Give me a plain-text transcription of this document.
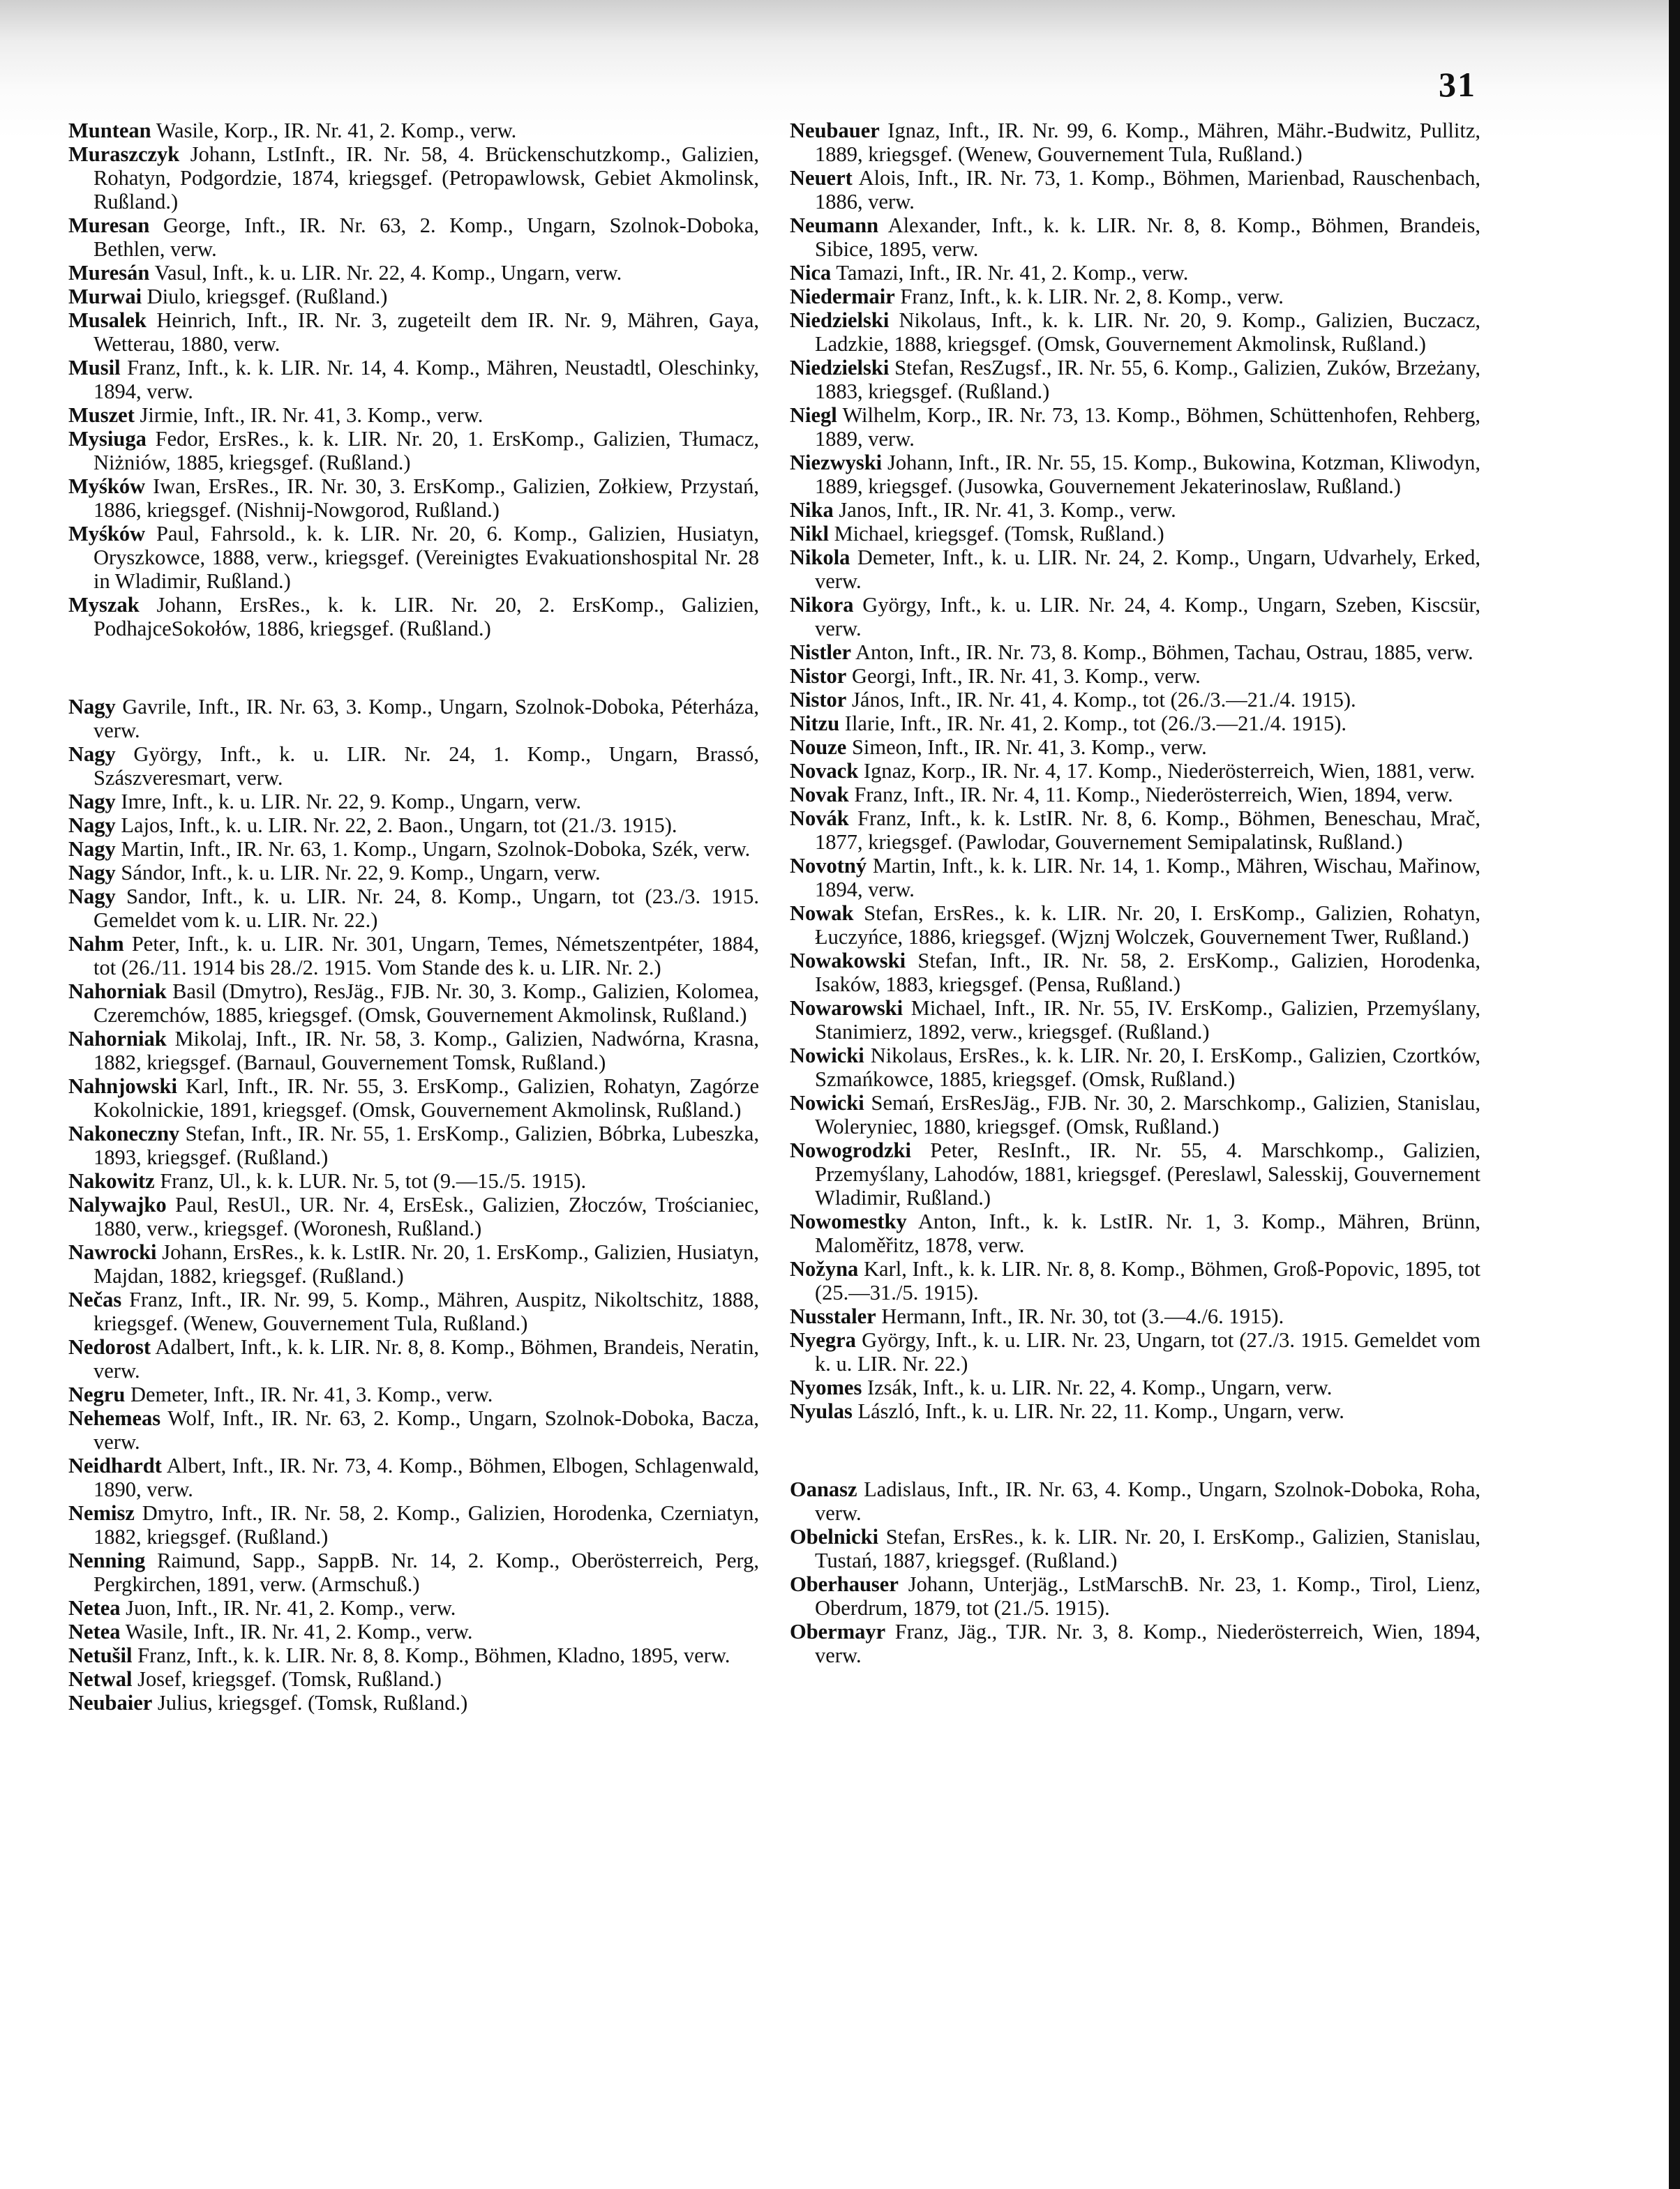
31
Muntean Wasile, Korp., IR. Nr. 41, 2. Komp., verw.
Muraszczyk Johann, LstInft., IR. Nr. 58, 4. Brückenschutzkomp., Galizien, Rohatyn, Podgordzie, 1874, kriegsgef. (Petropawlowsk, Gebiet Akmolinsk, Rußland.)
Muresan George, Inft., IR. Nr. 63, 2. Komp., Ungarn, Szolnok-Doboka, Bethlen, verw.
Muresán Vasul, Inft., k. u. LIR. Nr. 22, 4. Komp., Ungarn, verw.
Murwai Diulo, kriegsgef. (Rußland.)
Musalek Heinrich, Inft., IR. Nr. 3, zugeteilt dem IR. Nr. 9, Mähren, Gaya, Wetterau, 1880, verw.
Musil Franz, Inft., k. k. LIR. Nr. 14, 4. Komp., Mähren, Neustadtl, Oleschinky, 1894, verw.
Muszet Jirmie, Inft., IR. Nr. 41, 3. Komp., verw.
Mysiuga Fedor, ErsRes., k. k. LIR. Nr. 20, 1. ErsKomp., Galizien, Tłumacz, Niżniów, 1885, kriegsgef. (Rußland.)
Myśków Iwan, ErsRes., IR. Nr. 30, 3. ErsKomp., Galizien, Zołkiew, Przystań, 1886, kriegsgef. (Nishnij-Nowgorod, Rußland.)
Myśków Paul, Fahrsold., k. k. LIR. Nr. 20, 6. Komp., Galizien, Husiatyn, Oryszkowce, 1888, verw., kriegsgef. (Vereinigtes Evakuationshospital Nr. 28 in Wladimir, Rußland.)
Myszak Johann, ErsRes., k. k. LIR. Nr. 20, 2. ErsKomp., Galizien, PodhajceSokołów, 1886, kriegsgef. (Rußland.)
Nagy Gavrile, Inft., IR. Nr. 63, 3. Komp., Ungarn, Szolnok-Doboka, Péterháza, verw.
Nagy György, Inft., k. u. LIR. Nr. 24, 1. Komp., Ungarn, Brassó, Szászveresmart, verw.
Nagy Imre, Inft., k. u. LIR. Nr. 22, 9. Komp., Ungarn, verw.
Nagy Lajos, Inft., k. u. LIR. Nr. 22, 2. Baon., Ungarn, tot (21./3. 1915).
Nagy Martin, Inft., IR. Nr. 63, 1. Komp., Ungarn, Szolnok-Doboka, Szék, verw.
Nagy Sándor, Inft., k. u. LIR. Nr. 22, 9. Komp., Ungarn, verw.
Nagy Sandor, Inft., k. u. LIR. Nr. 24, 8. Komp., Ungarn, tot (23./3. 1915. Gemeldet vom k. u. LIR. Nr. 22.)
Nahm Peter, Inft., k. u. LIR. Nr. 301, Ungarn, Temes, Németszentpéter, 1884, tot (26./11. 1914 bis 28./2. 1915. Vom Stande des k. u. LIR. Nr. 2.)
Nahorniak Basil (Dmytro), ResJäg., FJB. Nr. 30, 3. Komp., Galizien, Kolomea, Czeremchów, 1885, kriegsgef. (Omsk, Gouvernement Akmolinsk, Rußland.)
Nahorniak Mikolaj, Inft., IR. Nr. 58, 3. Komp., Galizien, Nadwórna, Krasna, 1882, kriegsgef. (Barnaul, Gouvernement Tomsk, Rußland.)
Nahnjowski Karl, Inft., IR. Nr. 55, 3. ErsKomp., Galizien, Rohatyn, Zagórze Kokolnickie, 1891, kriegsgef. (Omsk, Gouvernement Akmolinsk, Rußland.)
Nakoneczny Stefan, Inft., IR. Nr. 55, 1. ErsKomp., Galizien, Bóbrka, Lubeszka, 1893, kriegsgef. (Rußland.)
Nakowitz Franz, Ul., k. k. LUR. Nr. 5, tot (9.—15./5. 1915).
Nalywajko Paul, ResUl., UR. Nr. 4, ErsEsk., Galizien, Złoczów, Trościaniec, 1880, verw., kriegsgef. (Woronesh, Rußland.)
Nawrocki Johann, ErsRes., k. k. LstIR. Nr. 20, 1. ErsKomp., Galizien, Husiatyn, Majdan, 1882, kriegsgef. (Rußland.)
Nečas Franz, Inft., IR. Nr. 99, 5. Komp., Mähren, Auspitz, Nikoltschitz, 1888, kriegsgef. (Wenew, Gouvernement Tula, Rußland.)
Nedorost Adalbert, Inft., k. k. LIR. Nr. 8, 8. Komp., Böhmen, Brandeis, Neratin, verw.
Negru Demeter, Inft., IR. Nr. 41, 3. Komp., verw.
Nehemeas Wolf, Inft., IR. Nr. 63, 2. Komp., Ungarn, Szolnok-Doboka, Bacza, verw.
Neidhardt Albert, Inft., IR. Nr. 73, 4. Komp., Böhmen, Elbogen, Schlagenwald, 1890, verw.
Nemisz Dmytro, Inft., IR. Nr. 58, 2. Komp., Galizien, Horodenka, Czerniatyn, 1882, kriegsgef. (Rußland.)
Nenning Raimund, Sapp., SappB. Nr. 14, 2. Komp., Oberösterreich, Perg, Pergkirchen, 1891, verw. (Armschuß.)
Netea Juon, Inft., IR. Nr. 41, 2. Komp., verw.
Netea Wasile, Inft., IR. Nr. 41, 2. Komp., verw.
Netušil Franz, Inft., k. k. LIR. Nr. 8, 8. Komp., Böhmen, Kladno, 1895, verw.
Netwal Josef, kriegsgef. (Tomsk, Rußland.)
Neubaier Julius, kriegsgef. (Tomsk, Rußland.)
Neubauer Ignaz, Inft., IR. Nr. 99, 6. Komp., Mähren, Mähr.-Budwitz, Pullitz, 1889, kriegsgef. (Wenew, Gouvernement Tula, Rußland.)
Neuert Alois, Inft., IR. Nr. 73, 1. Komp., Böhmen, Marienbad, Rauschenbach, 1886, verw.
Neumann Alexander, Inft., k. k. LIR. Nr. 8, 8. Komp., Böhmen, Brandeis, Sibice, 1895, verw.
Nica Tamazi, Inft., IR. Nr. 41, 2. Komp., verw.
Niedermair Franz, Inft., k. k. LIR. Nr. 2, 8. Komp., verw.
Niedzielski Nikolaus, Inft., k. k. LIR. Nr. 20, 9. Komp., Galizien, Buczacz, Ladzkie, 1888, kriegsgef. (Omsk, Gouvernement Akmolinsk, Rußland.)
Niedzielski Stefan, ResZugsf., IR. Nr. 55, 6. Komp., Galizien, Zuków, Brzeżany, 1883, kriegsgef. (Rußland.)
Niegl Wilhelm, Korp., IR. Nr. 73, 13. Komp., Böhmen, Schüttenhofen, Rehberg, 1889, verw.
Niezwyski Johann, Inft., IR. Nr. 55, 15. Komp., Bukowina, Kotzman, Kliwodyn, 1889, kriegsgef. (Jusowka, Gouvernement Jekaterinoslaw, Rußland.)
Nika Janos, Inft., IR. Nr. 41, 3. Komp., verw.
Nikl Michael, kriegsgef. (Tomsk, Rußland.)
Nikola Demeter, Inft., k. u. LIR. Nr. 24, 2. Komp., Ungarn, Udvarhely, Erked, verw.
Nikora György, Inft., k. u. LIR. Nr. 24, 4. Komp., Ungarn, Szeben, Kiscsür, verw.
Nistler Anton, Inft., IR. Nr. 73, 8. Komp., Böhmen, Tachau, Ostrau, 1885, verw.
Nistor Georgi, Inft., IR. Nr. 41, 3. Komp., verw.
Nistor János, Inft., IR. Nr. 41, 4. Komp., tot (26./3.—21./4. 1915).
Nitzu Ilarie, Inft., IR. Nr. 41, 2. Komp., tot (26./3.—21./4. 1915).
Nouze Simeon, Inft., IR. Nr. 41, 3. Komp., verw.
Novack Ignaz, Korp., IR. Nr. 4, 17. Komp., Niederösterreich, Wien, 1881, verw.
Novak Franz, Inft., IR. Nr. 4, 11. Komp., Niederösterreich, Wien, 1894, verw.
Novák Franz, Inft., k. k. LstIR. Nr. 8, 6. Komp., Böhmen, Beneschau, Mrač, 1877, kriegsgef. (Pawlodar, Gouvernement Semipalatinsk, Rußland.)
Novotný Martin, Inft., k. k. LIR. Nr. 14, 1. Komp., Mähren, Wischau, Mařinow, 1894, verw.
Nowak Stefan, ErsRes., k. k. LIR. Nr. 20, I. ErsKomp., Galizien, Rohatyn, Łuczyńce, 1886, kriegsgef. (Wjznj Wolczek, Gouvernement Twer, Rußland.)
Nowakowski Stefan, Inft., IR. Nr. 58, 2. ErsKomp., Galizien, Horodenka, Isaków, 1883, kriegsgef. (Pensa, Rußland.)
Nowarowski Michael, Inft., IR. Nr. 55, IV. ErsKomp., Galizien, Przemyślany, Stanimierz, 1892, verw., kriegsgef. (Rußland.)
Nowicki Nikolaus, ErsRes., k. k. LIR. Nr. 20, I. ErsKomp., Galizien, Czortków, Szmańkowce, 1885, kriegsgef. (Omsk, Rußland.)
Nowicki Semań, ErsResJäg., FJB. Nr. 30, 2. Marschkomp., Galizien, Stanislau, Woleryniec, 1880, kriegsgef. (Omsk, Rußland.)
Nowogrodzki Peter, ResInft., IR. Nr. 55, 4. Marschkomp., Galizien, Przemyślany, Lahodów, 1881, kriegsgef. (Pereslawl, Salesskij, Gouvernement Wladimir, Rußland.)
Nowomestky Anton, Inft., k. k. LstIR. Nr. 1, 3. Komp., Mähren, Brünn, Maloměřitz, 1878, verw.
Nožyna Karl, Inft., k. k. LIR. Nr. 8, 8. Komp., Böhmen, Groß-Popovic, 1895, tot (25.—31./5. 1915).
Nusstaler Hermann, Inft., IR. Nr. 30, tot (3.—4./6. 1915).
Nyegra György, Inft., k. u. LIR. Nr. 23, Ungarn, tot (27./3. 1915. Gemeldet vom k. u. LIR. Nr. 22.)
Nyomes Izsák, Inft., k. u. LIR. Nr. 22, 4. Komp., Ungarn, verw.
Nyulas László, Inft., k. u. LIR. Nr. 22, 11. Komp., Ungarn, verw.
Oanasz Ladislaus, Inft., IR. Nr. 63, 4. Komp., Ungarn, Szolnok-Doboka, Roha, verw.
Obelnicki Stefan, ErsRes., k. k. LIR. Nr. 20, I. ErsKomp., Galizien, Stanislau, Tustań, 1887, kriegsgef. (Rußland.)
Oberhauser Johann, Unterjäg., LstMarschB. Nr. 23, 1. Komp., Tirol, Lienz, Oberdrum, 1879, tot (21./5. 1915).
Obermayr Franz, Jäg., TJR. Nr. 3, 8. Komp., Niederösterreich, Wien, 1894, verw.
